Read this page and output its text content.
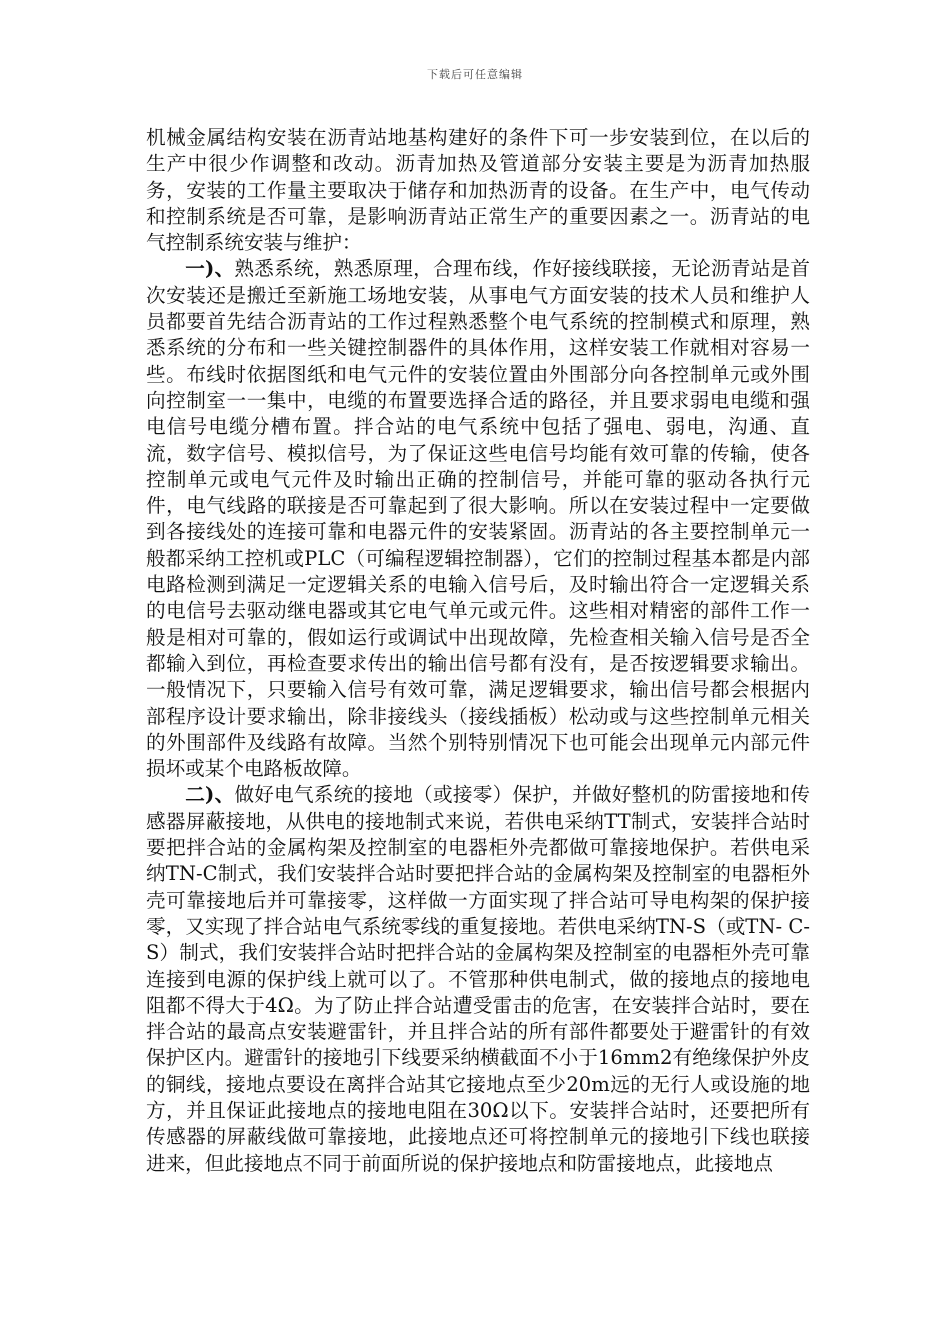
下载后可任意编辑

机械金属结构安装在沥青站地基构建好的条件下可一步安装到位，在以后的生产中很少作调整和改动。沥青加热及管道部分安装主要是为沥青加热服务，安装的工作量主要取决于储存和加热沥青的设备。在生产中，电气传动和控制系统是否可靠，是影响沥青站正常生产的重要因素之一。沥青站的电气控制系统安装与维护：

一)、熟悉系统，熟悉原理，合理布线，作好接线联接，无论沥青站是首次安装还是搬迁至新施工场地安装，从事电气方面安装的技术人员和维护人员都要首先结合沥青站的工作过程熟悉整个电气系统的控制模式和原理，熟悉系统的分布和一些关键控制器件的具体作用，这样安装工作就相对容易一些。布线时依据图纸和电气元件的安装位置由外围部分向各控制单元或外围向控制室一一集中，电缆的布置要选择合适的路径，并且要求弱电电缆和强电信号电缆分槽布置。拌合站的电气系统中包括了强电、弱电，沟通、直流，数字信号、模拟信号，为了保证这些电信号均能有效可靠的传输，使各控制单元或电气元件及时输出正确的控制信号，并能可靠的驱动各执行元件，电气线路的联接是否可靠起到了很大影响。所以在安装过程中一定要做到各接线处的连接可靠和电器元件的安装紧固。沥青站的各主要控制单元一般都采纳工控机或PLC（可编程逻辑控制器），它们的控制过程基本都是内部电路检测到满足一定逻辑关系的电输入信号后，及时输出符合一定逻辑关系的电信号去驱动继电器或其它电气单元或元件。这些相对精密的部件工作一般是相对可靠的，假如运行或调试中出现故障，先检查相关输入信号是否全都输入到位，再检查要求传出的输出信号都有没有，是否按逻辑要求输出。一般情况下，只要输入信号有效可靠，满足逻辑要求，输出信号都会根据内部程序设计要求输出，除非接线头（接线插板）松动或与这些控制单元相关的外围部件及线路有故障。当然个别特别情况下也可能会出现单元内部元件损坏或某个电路板故障。

二)、做好电气系统的接地（或接零）保护，并做好整机的防雷接地和传感器屏蔽接地，从供电的接地制式来说，若供电采纳TT制式，安装拌合站时要把拌合站的金属构架及控制室的电器柜外壳都做可靠接地保护。若供电采纳TN-C制式，我们安装拌合站时要把拌合站的金属构架及控制室的电器柜外壳可靠接地后并可靠接零，这样做一方面实现了拌合站可导电构架的保护接零，又实现了拌合站电气系统零线的重复接地。若供电采纳TN-S（或TN- C-S）制式，我们安装拌合站时把拌合站的金属构架及控制室的电器柜外壳可靠连接到电源的保护线上就可以了。不管那种供电制式，做的接地点的接地电阻都不得大于4Ω。为了防止拌合站遭受雷击的危害，在安装拌合站时，要在拌合站的最高点安装避雷针，并且拌合站的所有部件都要处于避雷针的有效保护区内。避雷针的接地引下线要采纳横截面不小于16mm2有绝缘保护外皮的铜线，接地点要设在离拌合站其它接地点至少20m远的无行人或设施的地方，并且保证此接地点的接地电阻在30Ω以下。安装拌合站时，还要把所有传感器的屏蔽线做可靠接地，此接地点还可将控制单元的接地引下线也联接进来，但此接地点不同于前面所说的保护接地点和防雷接地点，此接地点
